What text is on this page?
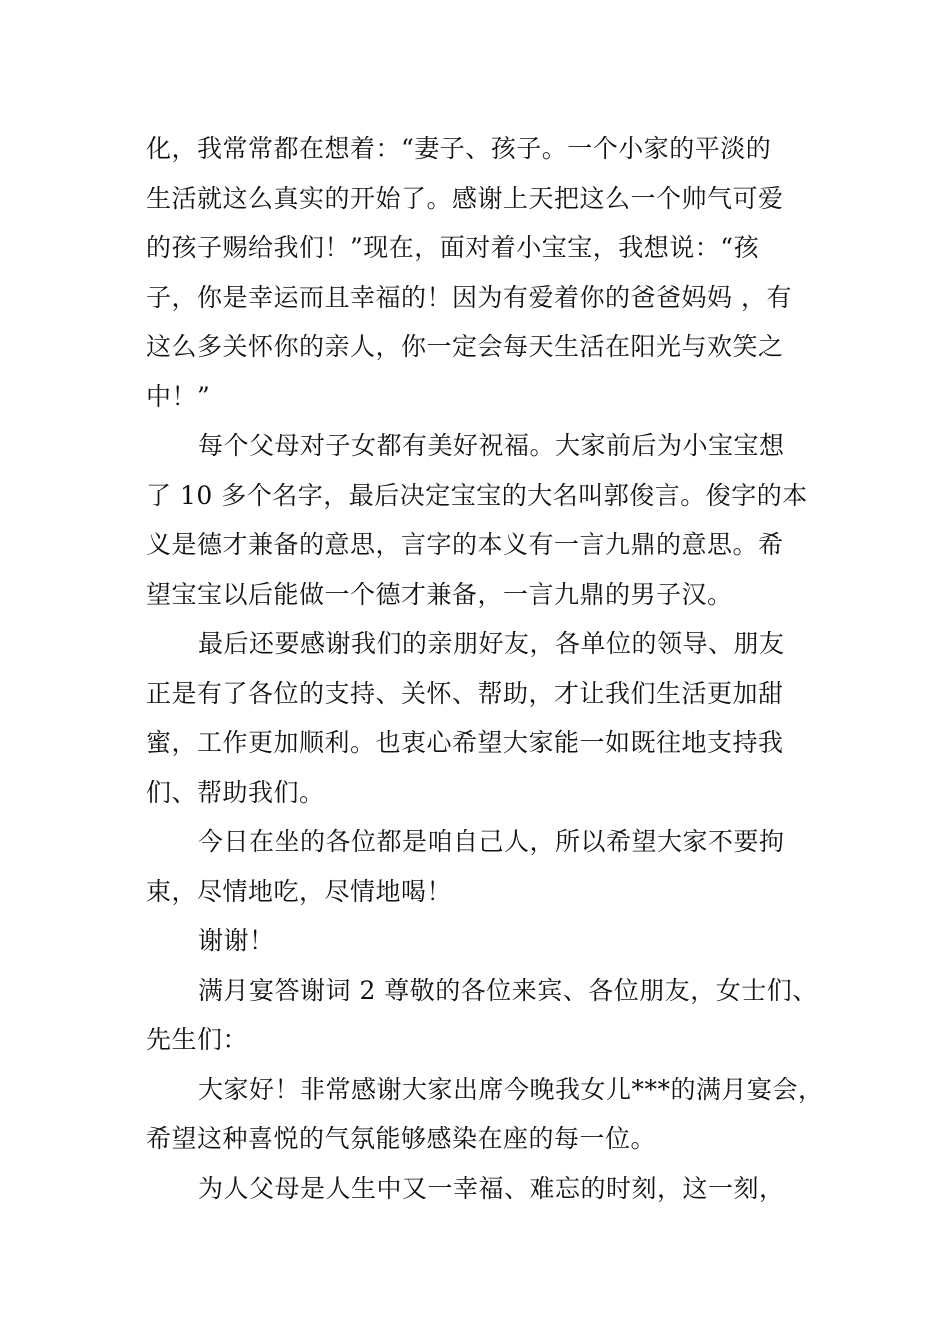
化，我常常都在想着：“妻子、孩子。一个小家的平淡的
生活就这么真实的开始了。感谢上天把这么一个帅气可爱
的孩子赐给我们！”现在，面对着小宝宝，我想说：“孩
子，你是幸运而且幸福的！因为有爱着你的爸爸妈妈 ，有
这么多关怀你的亲人，你一定会每天生活在阳光与欢笑之
中！”
每个父母对子女都有美好祝福。大家前后为小宝宝想
了 10 多个名字，最后决定宝宝的大名叫郭俊言。俊字的本
义是德才兼备的意思，言字的本义有一言九鼎的意思。希
望宝宝以后能做一个德才兼备，一言九鼎的男子汉。
最后还要感谢我们的亲朋好友，各单位的领导、朋友
正是有了各位的支持、关怀、帮助，才让我们生活更加甜
蜜，工作更加顺利。也衷心希望大家能一如既往地支持我
们、帮助我们。
今日在坐的各位都是咱自己人，所以希望大家不要拘
束，尽情地吃，尽情地喝！
谢谢！
满月宴答谢词 2 尊敬的各位来宾、各位朋友，女士们、
先生们：
大家好！非常感谢大家出席今晚我女儿***的满月宴会，
希望这种喜悦的气氛能够感染在座的每一位。
为人父母是人生中又一幸福、难忘的时刻，这一刻，
